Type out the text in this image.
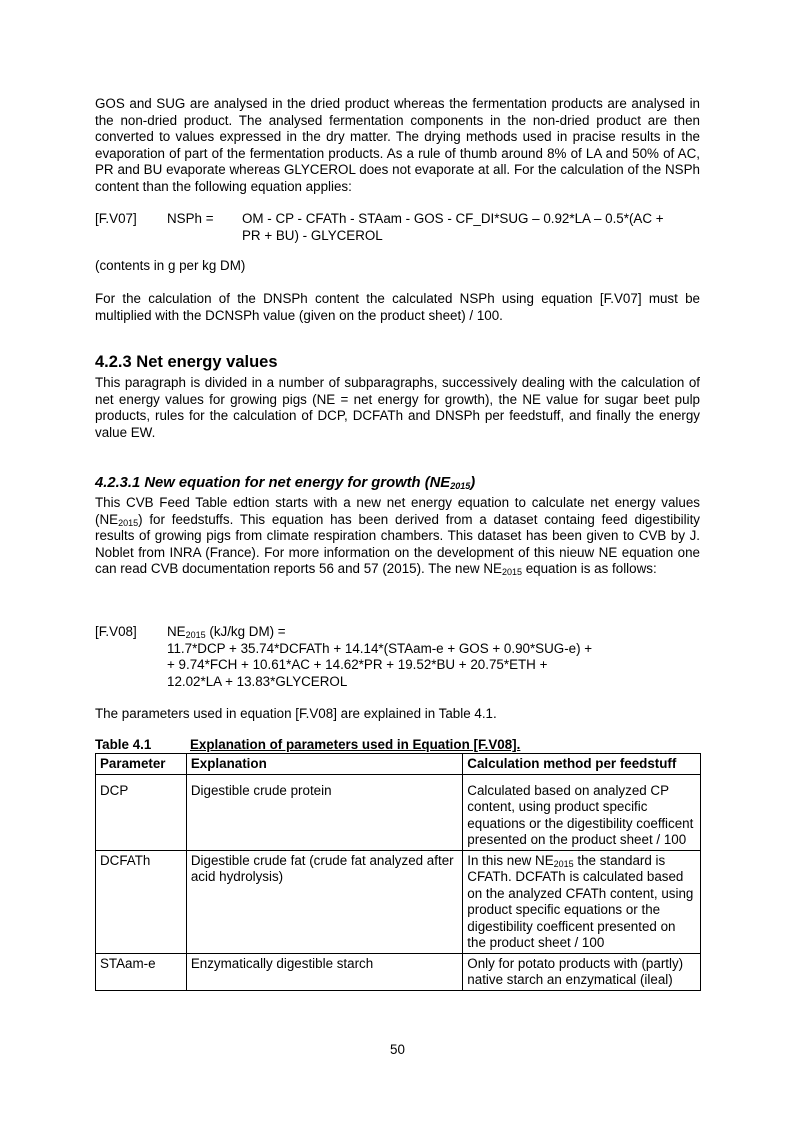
GOS and SUG are analysed in the dried product whereas the fermentation products are analysed in the non-dried product. The analysed fermentation components in the non-dried product are then converted to values expressed in the dry matter. The drying methods used in pracise results in the evaporation of part of the fermentation products. As a rule of thumb around 8% of LA and 50% of AC, PR and BU evaporate whereas GLYCEROL does not evaporate at all. For the calculation of the NSPh content than the following equation applies:

[F.V07] NSPh = OM - CP - CFATh - STAam - GOS - CF_DI*SUG – 0.92*LA – 0.5*(AC +
PR + BU) - GLYCEROL

(contents in g per kg DM)

For the calculation of the DNSPh content the calculated NSPh using equation [F.V07] must be multiplied with the DCNSPh value (given on the product sheet) / 100.

4.2.3 Net energy values

This paragraph is divided in a number of subparagraphs, successively dealing with the calculation of net energy values for growing pigs (NE = net energy for growth), the NE value for sugar beet pulp products, rules for the calculation of DCP, DCFATh and DNSPh per feedstuff, and finally the energy value EW.

4.2.3.1 New equation for net energy for growth $(NE_{2015})$

This CVB Feed Table edtion starts with a new net energy equation to calculate net energy values $(NE_{2015})$ for feedstuffs. This equation has been derived from a dataset containg feed digestibility results of growing pigs from climate respiration chambers. This dataset has been given to CVB by J. Noblet from INRA (France). For more information on the development of this nieuw NE equation one can read CVB documentation reports 56 and 57 (2015). The new $NE_{2015}$ equation is as follows:

[F.V08] $NE_{2015}$ (kJ/kg DM) =
11.7*DCP + 35.74*DCFATh + 14.14*(STAam-e + GOS + 0.90*SUG-e) +
+ 9.74*FCH + 10.61*AC + 14.62*PR + 19.52*BU + 20.75*ETH +
12.02*LA + 13.83*GLYCEROL

The parameters used in equation [F.V08] are explained in Table 4.1.

Table 4.1	Explanation of parameters used in Equation [F.V08].
Parameter	Explanation	Calculation method per feedstuff
DCP	Digestible crude protein	Calculated based on analyzed CP content, using product specific equations or the digestibility coefficent presented on the product sheet / 100
DCFATh	Digestible crude fat (crude fat analyzed after acid hydrolysis)	In this new $NE_{2015}$ the standard is CFATh. DCFATh is calculated based on the analyzed CFATh content, using product specific equations or the digestibility coefficent presented on the product sheet / 100
STAam-e	Enzymatically digestible starch	Only for potato products with (partly) native starch an enzymatical (ileal)
50
